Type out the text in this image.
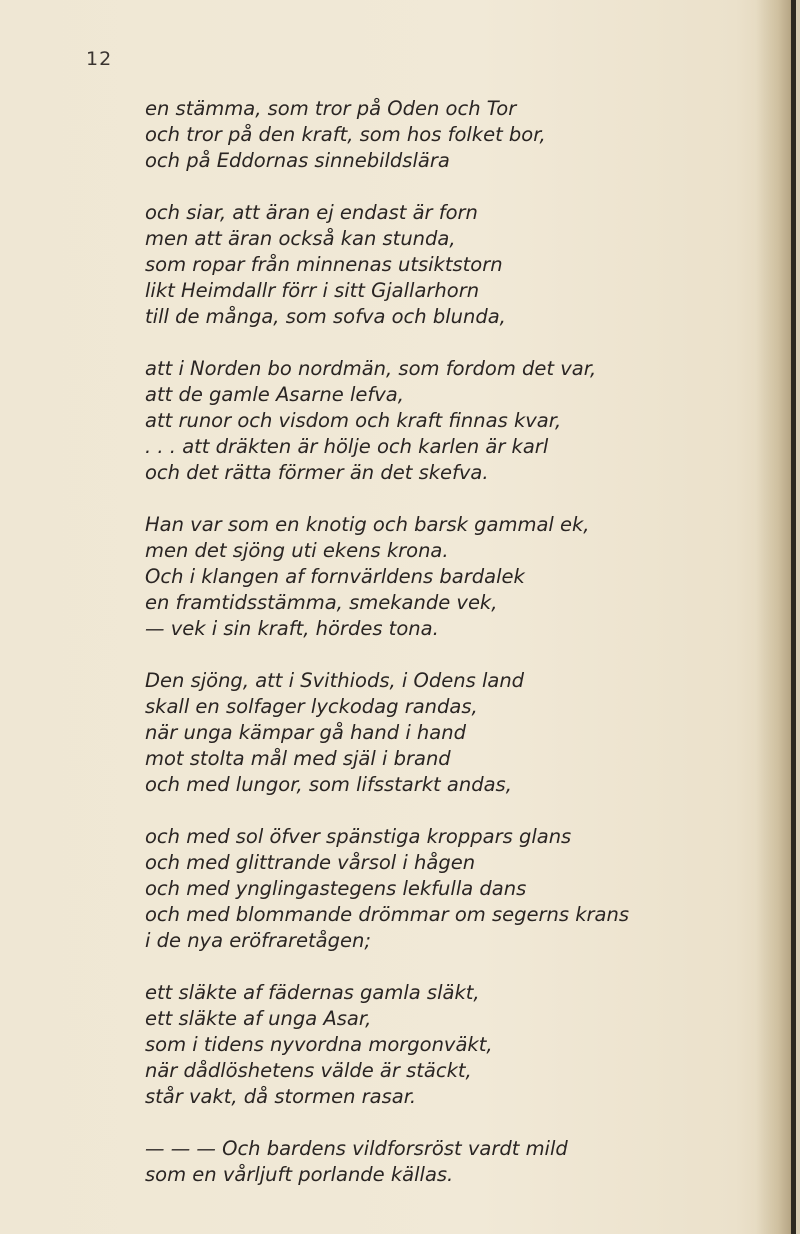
12
en stämma, som tror på Oden och Tor
och tror på den kraft, som hos folket bor,
och på Eddornas sinnebildslära
och siar, att äran ej endast är forn
men att äran också kan stunda,
som ropar från minnenas utsiktstorn
likt Heimdallr förr i sitt Gjallarhorn
till de många, som sofva och blunda,
att i Norden bo nordmän, som fordom det var,
att de gamle Asarne lefva,
att runor och visdom och kraft finnas kvar,
. . . att dräkten är hölje och karlen är karl
och det rätta förmer än det skefva.
Han var som en knotig och barsk gammal ek,
men det sjöng uti ekens krona.
Och i klangen af fornvärldens bardalek
en framtidsstämma, smekande vek,
— vek i sin kraft, hördes tona.
Den sjöng, att i Svithiods, i Odens land
skall en solfager lyckodag randas,
när unga kämpar gå hand i hand
mot stolta mål med själ i brand
och med lungor, som lifsstarkt andas,
och med sol öfver spänstiga kroppars glans
och med glittrande vårsol i hågen
och med ynglingastegens lekfulla dans
och med blommande drömmar om segerns krans
i de nya eröfraretågen;
ett släkte af fädernas gamla släkt,
ett släkte af unga Asar,
som i tidens nyvordna morgonväkt,
när dådlöshetens välde är stäckt,
står vakt, då stormen rasar.
— — — Och bardens vildforsröst vardt mild
som en vårljuft porlande källas.
